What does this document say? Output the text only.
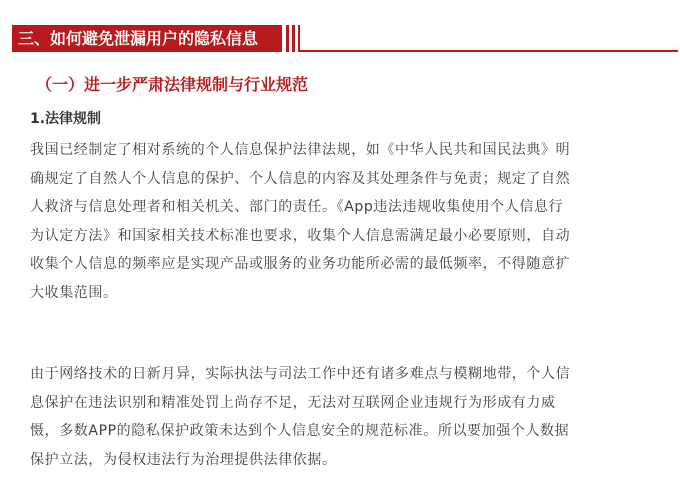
三、如何避免泄漏用户的隐私信息
（一）进一步严肃法律规制与行业规范
1.法律规制
我国已经制定了相对系统的个人信息保护法律法规，如《中华人民共和国民法典》明
确规定了自然人个人信息的保护、个人信息的内容及其处理条件与免责；规定了自然
人救济与信息处理者和相关机关、部门的责任。《App违法违规收集使用个人信息行
为认定方法》和国家相关技术标准也要求，收集个人信息需满足最小必要原则，自动
收集个人信息的频率应是实现产品或服务的业务功能所必需的最低频率，不得随意扩
大收集范围。
由于网络技术的日新月异，实际执法与司法工作中还有诸多难点与模糊地带，个人信
息保护在违法识别和精准处罚上尚存不足，无法对互联网企业违规行为形成有力威
慑，多数APP的隐私保护政策未达到个人信息安全的规范标准。所以要加强个人数据
保护立法，为侵权违法行为治理提供法律依据。
